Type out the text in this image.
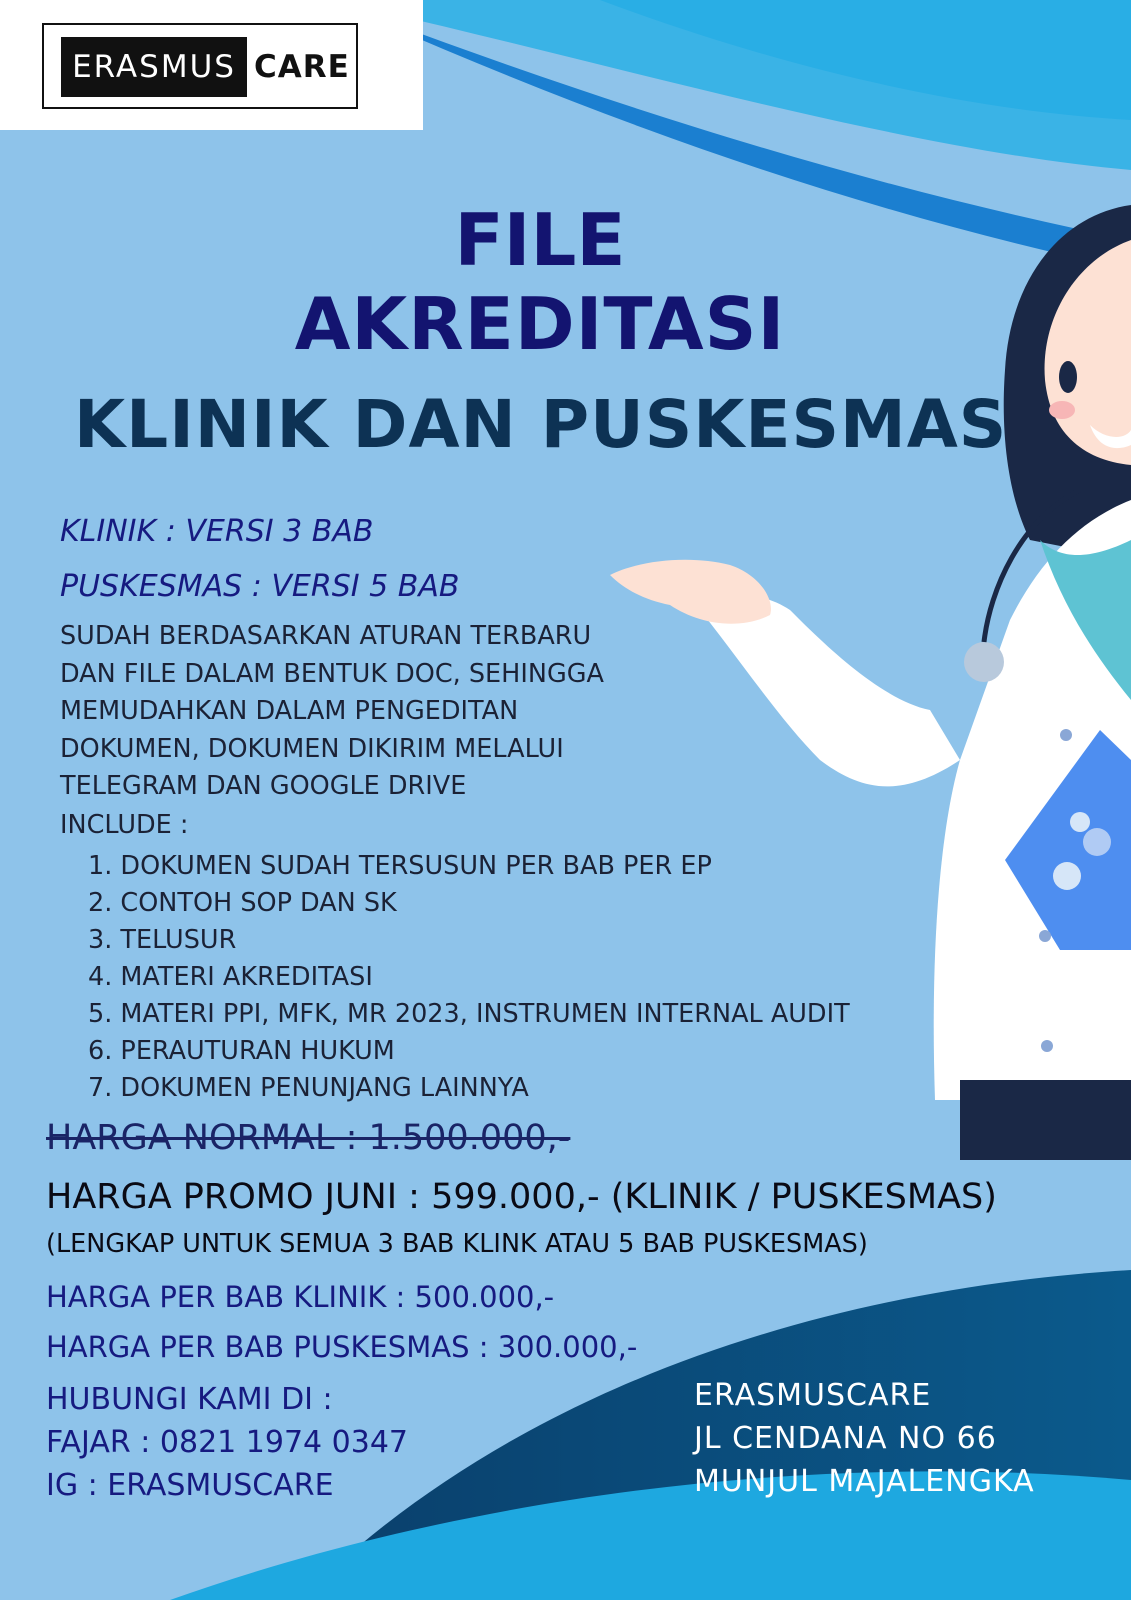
ERASMUS CARE
FILE
AKREDITASI
KLINIK DAN PUSKESMAS
KLINIK : VERSI 3 BAB
PUSKESMAS : VERSI 5 BAB
SUDAH BERDASARKAN ATURAN TERBARU
DAN FILE DALAM BENTUK DOC, SEHINGGA
MEMUDAHKAN DALAM PENGEDITAN
DOKUMEN, DOKUMEN DIKIRIM MELALUI
TELEGRAM DAN GOOGLE DRIVE
INCLUDE :
1. DOKUMEN SUDAH TERSUSUN PER BAB PER EP
2. CONTOH SOP DAN SK
3. TELUSUR
4. MATERI AKREDITASI
5. MATERI PPI, MFK, MR 2023, INSTRUMEN INTERNAL AUDIT
6. PERAUTURAN HUKUM
7. DOKUMEN PENUNJANG LAINNYA
HARGA NORMAL : 1.500.000,-
HARGA PROMO JUNI : 599.000,- (KLINIK / PUSKESMAS)
(LENGKAP UNTUK SEMUA 3 BAB KLINK ATAU 5 BAB PUSKESMAS)
HARGA PER BAB KLINIK : 500.000,-
HARGA PER BAB PUSKESMAS : 300.000,-
HUBUNGI KAMI DI :
FAJAR : 0821 1974 0347
IG : ERASMUSCARE
ERASMUSCARE
JL CENDANA NO 66
MUNJUL MAJALENGKA
